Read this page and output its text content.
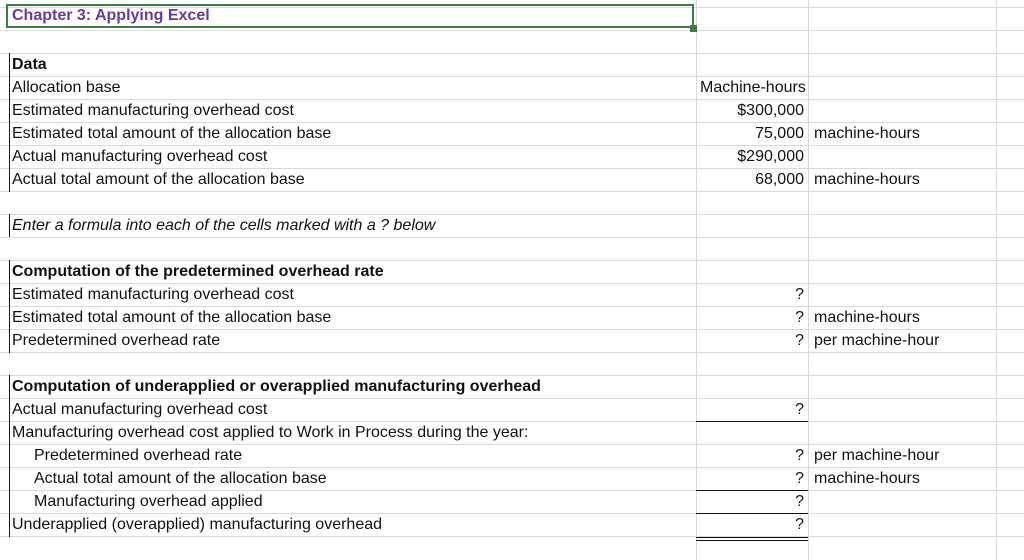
Chapter 3: Applying Excel
Data
Allocation base	Machine-hours
Estimated manufacturing overhead cost	$300,000
Estimated total amount of the allocation base	75,000 machine-hours
Actual manufacturing overhead cost	$290,000
Actual total amount of the allocation base	68,000 machine-hours
Enter a formula into each of the cells marked with a ? below
Computation of the predetermined overhead rate
Estimated manufacturing overhead cost	?
Estimated total amount of the allocation base	? machine-hours
Predetermined overhead rate	? per machine-hour
Computation of underapplied or overapplied manufacturing overhead
Actual manufacturing overhead cost	?
Manufacturing overhead cost applied to Work in Process during the year:
Predetermined overhead rate	? per machine-hour
Actual total amount of the allocation base	? machine-hours
Manufacturing overhead applied	?
Underapplied (overapplied) manufacturing overhead	?
